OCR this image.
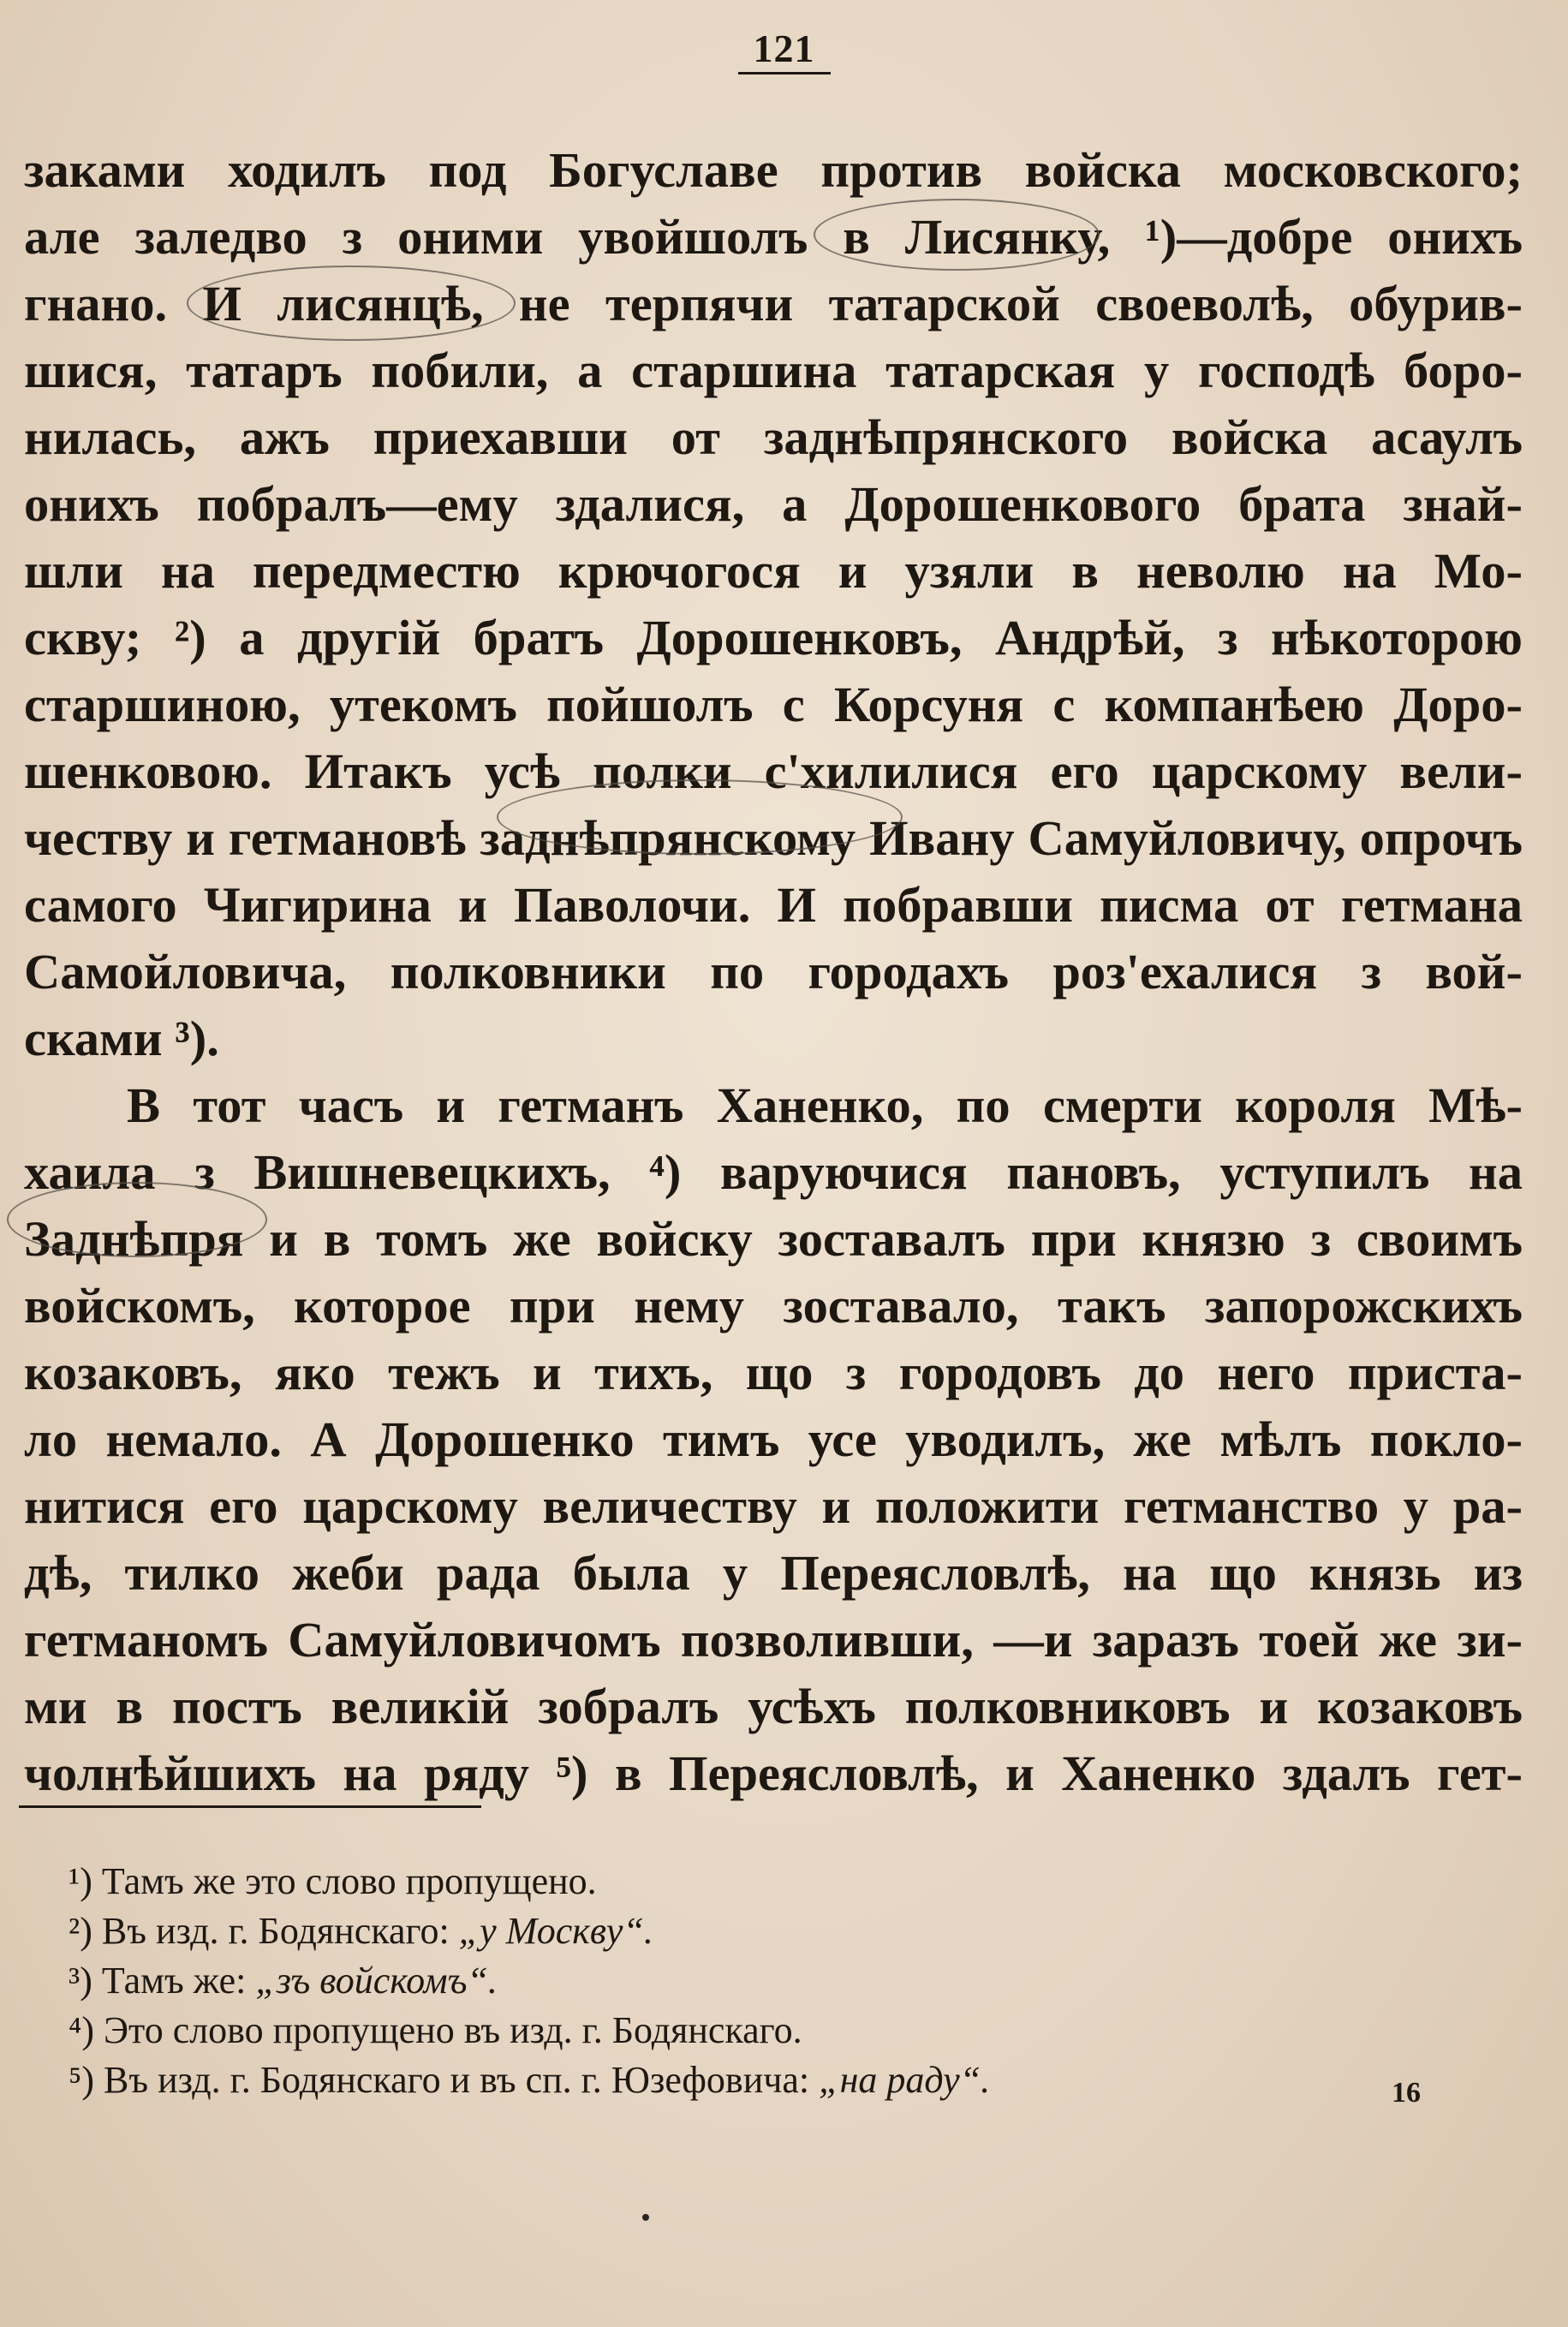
121
заками ходилъ под Богуславе против войска московского;
але заледво з оними увойшолъ в Лисянку, ¹)—добре онихъ
гнано. И лисянцѣ, не терпячи татарской своеволѣ, обурив-
шися, татаръ побили, а старшина татарская у господѣ боро-
нилась, ажъ приехавши от заднѣпрянского войска асаулъ
онихъ побралъ—ему здалися, а Дорошенкового брата знай-
шли на передместю крючогося и узяли в неволю на Мо-
скву; ²) а другій братъ Дорошенковъ, Андрѣй, з нѣкоторою
старшиною, утекомъ пойшолъ с Корсуня с компанѣею Доро-
шенковою. Итакъ усѣ полки с'хилилися его царскому вели-
честву и гетмановѣ заднѣпрянскому Ивану Самуйловичу, опрочъ
самого Чигирина и Паволочи. И побравши писма от гетмана
Самойловича, полковники по городахъ роз'ехалися з вой-
сками ³).
В тот часъ и гетманъ Ханенко, по смерти короля Мѣ-
хаила з Вишневецкихъ, ⁴) варуючися пановъ, уступилъ на
Заднѣпря и в томъ же войску зоставалъ при князю з своимъ
войскомъ, которое при нему зоставало, такъ запорожскихъ
козаковъ, яко тежъ и тихъ, що з городовъ до него приста-
ло немало. А Дорошенко тимъ усе уводилъ, же мѣлъ покло-
нитися его царскому величеству и положити гетманство у ра-
дѣ, тилко жеби рада была у Переясловлѣ, на що князь из
гетманомъ Самуйловичомъ позволивши, —и заразъ тоей же зи-
ми в постъ великій зобралъ усѣхъ полковниковъ и козаковъ
чолнѣйшихъ на ряду ⁵) в Переясловлѣ, и Ханенко здалъ гет-
¹) Тамъ же это слово пропущено.
²) Въ изд. г. Бодянскаго: „у Москву“.
³) Тамъ же: „зъ войскомъ“.
⁴) Это слово пропущено въ изд. г. Бодянскаго.
⁵) Въ изд. г. Бодянскаго и въ сп. г. Юзефовича: „на раду“.	16
